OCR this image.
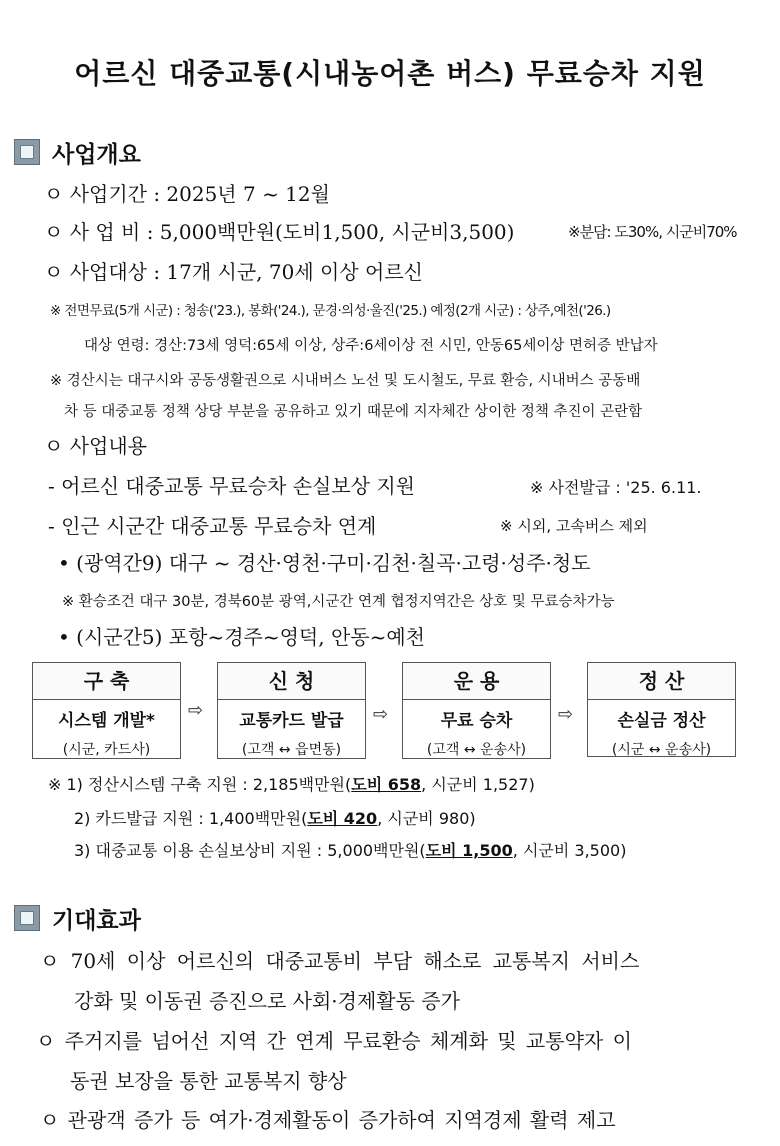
어르신 대중교통(시내농어촌 버스) 무료승차 지원
사업개요
ㅇ 사업기간 : 2025년 7 ~ 12월
ㅇ 사 업 비 : 5,000백만원(도비1,500, 시군비3,500)	※분담: 도30%, 시군비70%
ㅇ 사업대상 : 17개 시군, 70세 이상 어르신
※ 전면무료(5개 시군) : 청송('23.), 봉화('24.), 문경·의성·울진('25.) 예정(2개 시군) : 상주,예천('26.)
대상 연령: 경산:73세 영덕:65세 이상, 상주:6세이상 전 시민, 안동65세이상 면허증 반납자
※ 경산시는 대구시와 공동생활권으로 시내버스 노선 및 도시철도, 무료 환승, 시내버스 공동배
차 등 대중교통 정책 상당 부분을 공유하고 있기 때문에 지자체간 상이한 정책 추진이 곤란함
ㅇ 사업내용
- 어르신 대중교통 무료승차 손실보상 지원	※ 사전발급 : '25. 6.11.
- 인근 시군간 대중교통 무료승차 연계	※ 시외, 고속버스 제외
• (광역간9) 대구 ~ 경산·영천·구미·김천·칠곡·고령·성주·청도
※ 환승조건 대구 30분, 경북60분 광역,시군간 연계 협정지역간은 상호 및 무료승차가능
• (시군간5) 포항~경주~영덕, 안동~예천
구 축
시스템 개발*
(시군, 카드사)
⇨
신 청
교통카드 발급
(고객 ↔ 읍면동)
⇨
운 용
무료 승차
(고객 ↔ 운송사)
⇨
정 산
손실금 정산
(시군 ↔ 운송사)
※ 1) 정산시스템 구축 지원 : 2,185백만원(도비 658, 시군비 1,527)
2) 카드발급 지원 : 1,400백만원(도비 420, 시군비 980)
3) 대중교통 이용 손실보상비 지원 : 5,000백만원(도비 1,500, 시군비 3,500)
기대효과
ㅇ 70세 이상 어르신의 대중교통비 부담 해소로 교통복지 서비스
강화 및 이동권 증진으로 사회·경제활동 증가
ㅇ 주거지를 넘어선 지역 간 연계 무료환승 체계화 및 교통약자 이
동권 보장을 통한 교통복지 향상
ㅇ 관광객 증가 등 여가·경제활동이 증가하여 지역경제 활력 제고
